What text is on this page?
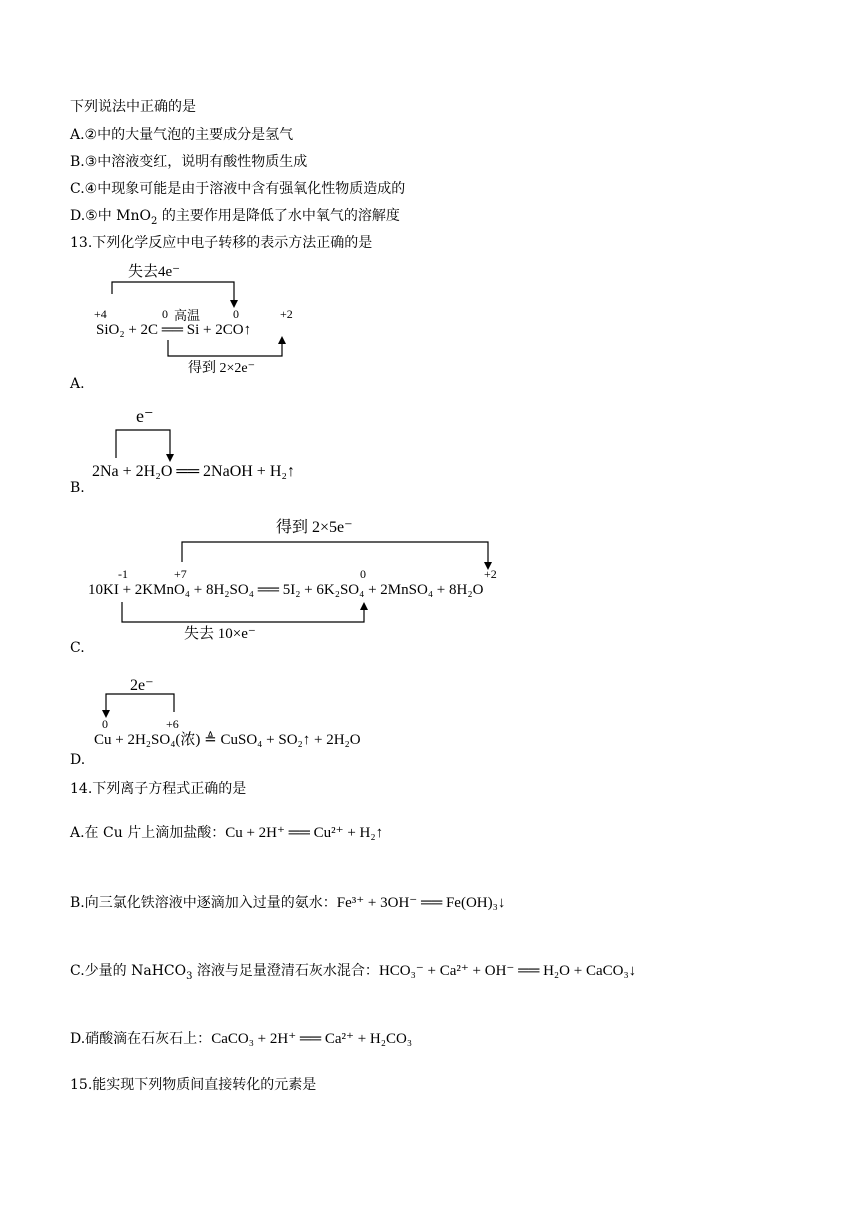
下列说法中正确的是
A.②中的大量气泡的主要成分是氢气
B.③中溶液变红，说明有酸性物质生成
C.④中现象可能是由于溶液中含有强氧化性物质造成的
D.⑤中 MnO$_2$ 的主要作用是降低了水中氧气的溶解度
13.下列化学反应中电子转移的表示方法正确的是
失去4e⁻
+4	0	0	+2
高温
SiO₂ + 2C ══ Si + 2CO↑
得到 2×2e⁻
A.
e⁻
2Na + 2H₂O ══ 2NaOH + H₂↑
B.
得到 2×5e⁻
-1	+7	0	+2
10KI + 2KMnO₄ + 8H₂SO₄ ══ 5I₂ + 6K₂SO₄ + 2MnSO₄ + 8H₂O
失去 10×e⁻
C.
2e⁻
0	+6
Cu + 2H₂SO₄(浓) ≜ CuSO₄ + SO₂↑ + 2H₂O
D.
14.下列离子方程式正确的是
A.在 Cu 片上滴加盐酸：Cu + 2H⁺ ══ Cu²⁺ + H₂↑
B.向三氯化铁溶液中逐滴加入过量的氨水：Fe³⁺ + 3OH⁻ ══ Fe(OH)₃↓
C.少量的 NaHCO$_3$ 溶液与足量澄清石灰水混合：HCO₃⁻ + Ca²⁺ + OH⁻ ══ H₂O + CaCO₃↓
D.硝酸滴在石灰石上：CaCO₃ + 2H⁺ ══ Ca²⁺ + H₂CO₃
15.能实现下列物质间直接转化的元素是
